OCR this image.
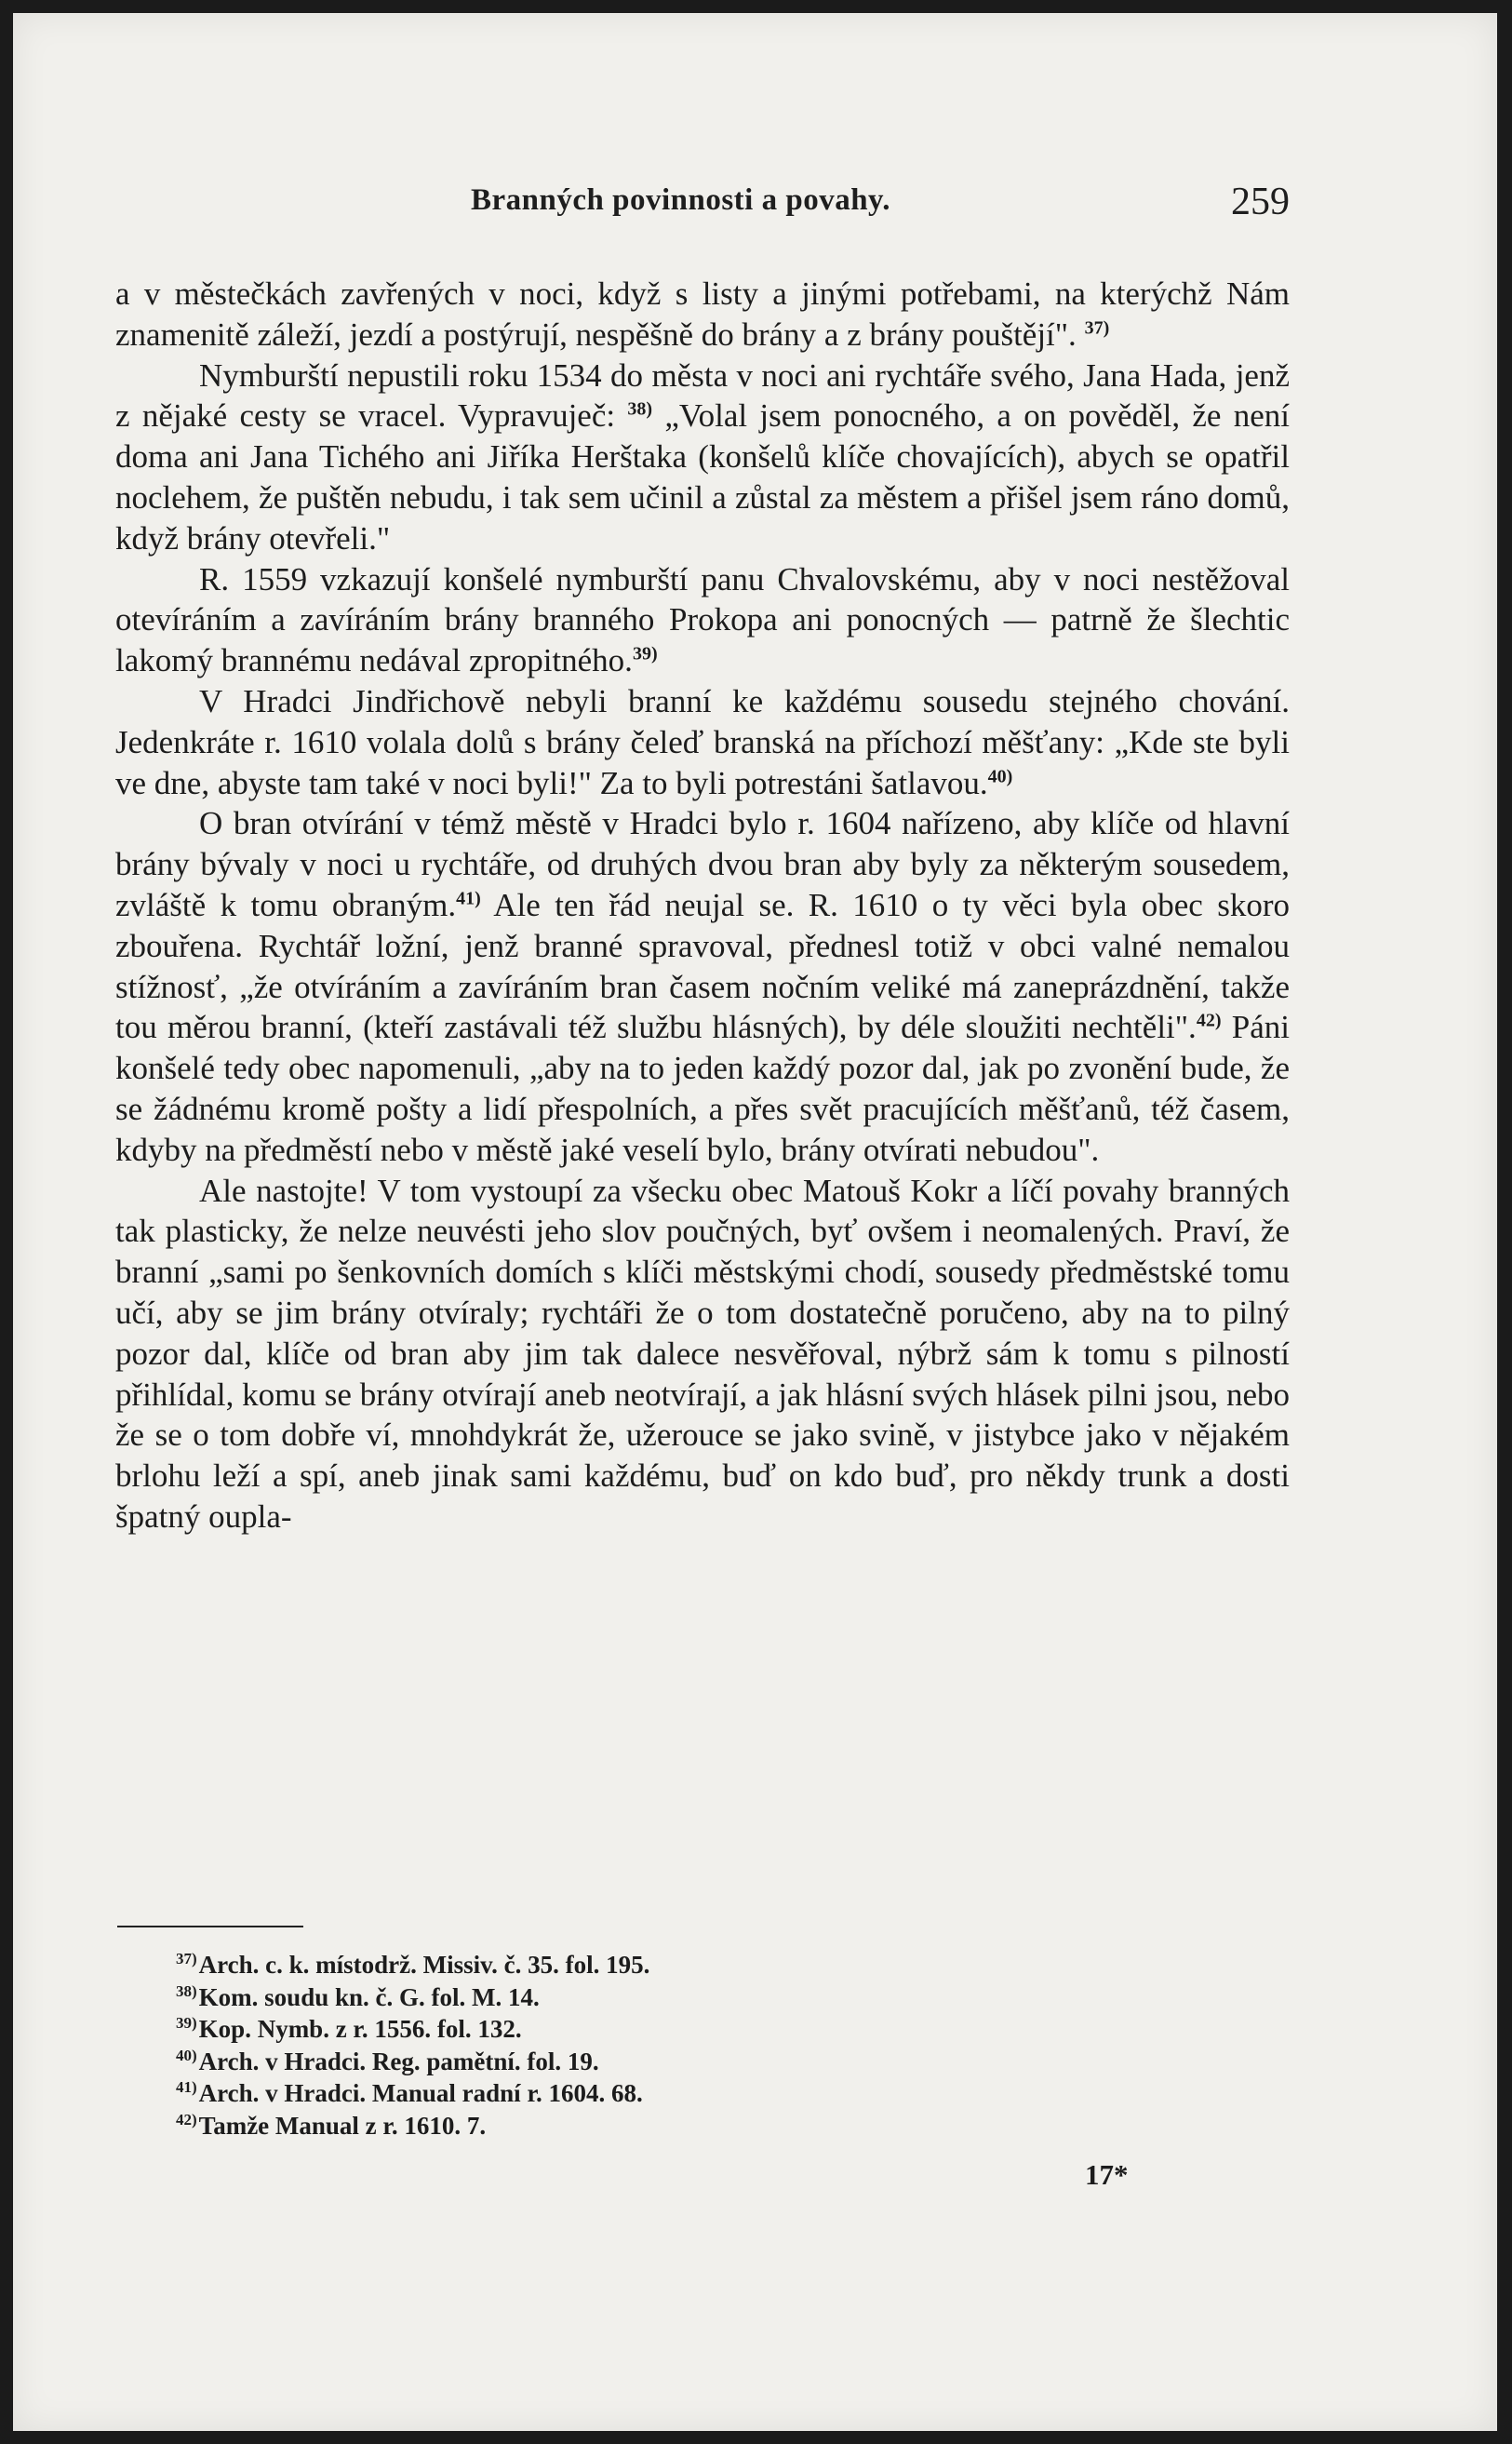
Branných povinnosti a povahy.	259

a v městečkách zavřených v noci, když s listy a jinými potřebami, na kterýchž Nám znamenitě záleží, jezdí a postýrují, nespěšně do brány a z brány pouštějí". $^{37)}$

Nymburští nepustili roku 1534 do města v noci ani rychtáře svého, Jana Hada, jenž z nějaké cesty se vracel. Vypravuječ: $^{38)}$ „Volal jsem ponocného, a on pověděl, že není doma ani Jana Tichého ani Jiříka Herštaka (konšelů klíče chovajících), abych se opatřil noclehem, že puštěn nebudu, i tak sem učinil a zůstal za městem a přišel jsem ráno domů, když brány otevřeli."

R. 1559 vzkazují konšelé nymburští panu Chvalovskému, aby v noci nestěžoval otevíráním a zavíráním brány branného Prokopa ani ponocných — patrně že šlechtic lakomý brannému nedával zpropitného.$^{39)}$

V Hradci Jindřichově nebyli branní ke každému sousedu stejného chování. Jedenkráte r. 1610 volala dolů s brány čeleď branská na příchozí měšťany: „Kde ste byli ve dne, abyste tam také v noci byli!" Za to byli potrestáni šatlavou.$^{40)}$

O bran otvírání v témž městě v Hradci bylo r. 1604 nařízeno, aby klíče od hlavní brány bývaly v noci u rychtáře, od druhých dvou bran aby byly za některým sousedem, zvláště k tomu obraným.$^{41)}$ Ale ten řád neujal se. R. 1610 o ty věci byla obec skoro zbouřena. Rychtář ložní, jenž branné spravoval, přednesl totiž v obci valné nemalou stížnosť, „že otvíráním a zavíráním bran časem nočním veliké má zaneprázdnění, takže tou měrou branní, (kteří zastávali též službu hlásných), by déle sloužiti nechtěli".$^{42)}$ Páni konšelé tedy obec napomenuli, „aby na to jeden každý pozor dal, jak po zvonění bude, že se žádnému kromě pošty a lidí přespolních, a přes svět pracujících měšťanů, též časem, kdyby na předměstí nebo v městě jaké veselí bylo, brány otvírati nebudou".

Ale nastojte! V tom vystoupí za všecku obec Matouš Kokr a líčí povahy branných tak plasticky, že nelze neuvésti jeho slov poučných, byť ovšem i neomalených. Praví, že branní „sami po šenkovních domích s klíči městskými chodí, sousedy předměstské tomu učí, aby se jim brány otvíraly; rychtáři že o tom dostatečně poručeno, aby na to pilný pozor dal, klíče od bran aby jim tak dalece nesvěřoval, nýbrž sám k tomu s pilností přihlídal, komu se brány otvírají aneb neotvírají, a jak hlásní svých hlásek pilni jsou, nebo že se o tom dobře ví, mnohdykrát že, užerouce se jako svině, v jistybce jako v nějakém brlohu leží a spí, aneb jinak sami každému, buď on kdo buď, pro někdy trunk a dosti špatný oupla-

$^{37)}$Arch. c. k. místodrž. Missiv. č. 35. fol. 195.
$^{38)}$Kom. soudu kn. č. G. fol. M. 14.
$^{39)}$Kop. Nymb. z r. 1556. fol. 132.
$^{40)}$Arch. v Hradci. Reg. pamětní. fol. 19.
$^{41)}$Arch. v Hradci. Manual radní r. 1604. 68.
$^{42)}$Tamže Manual z r. 1610. 7.
17*
